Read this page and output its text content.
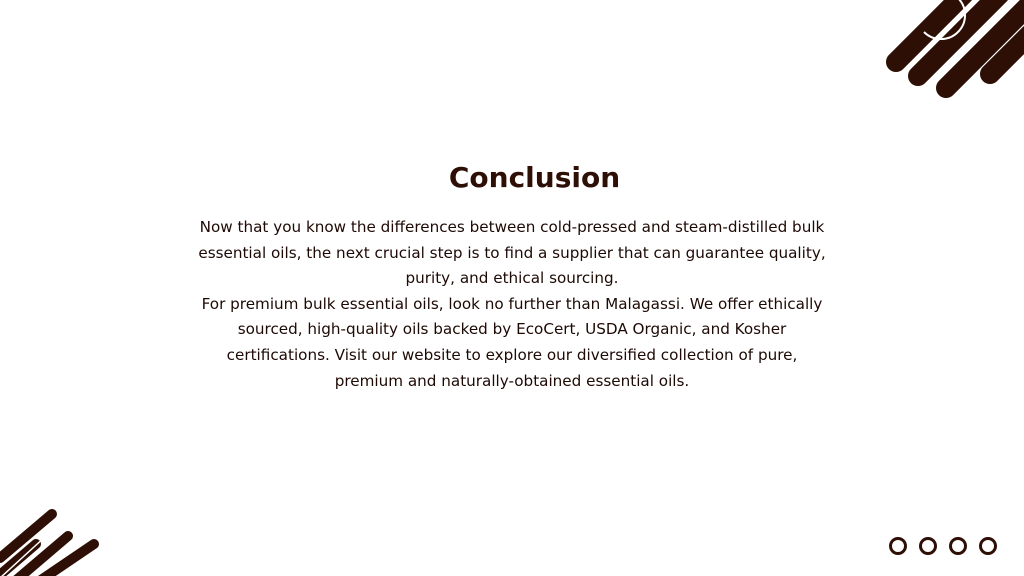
Conclusion

Now that you know the differences between cold-pressed and steam-distilled bulk essential oils, the next crucial step is to find a supplier that can guarantee quality, purity, and ethical sourcing.

For premium bulk essential oils, look no further than Malagassi. We offer ethically sourced, high-quality oils backed by EcoCert, USDA Organic, and Kosher certifications. Visit our website to explore our diversified collection of pure, premium and naturally-obtained essential oils.
